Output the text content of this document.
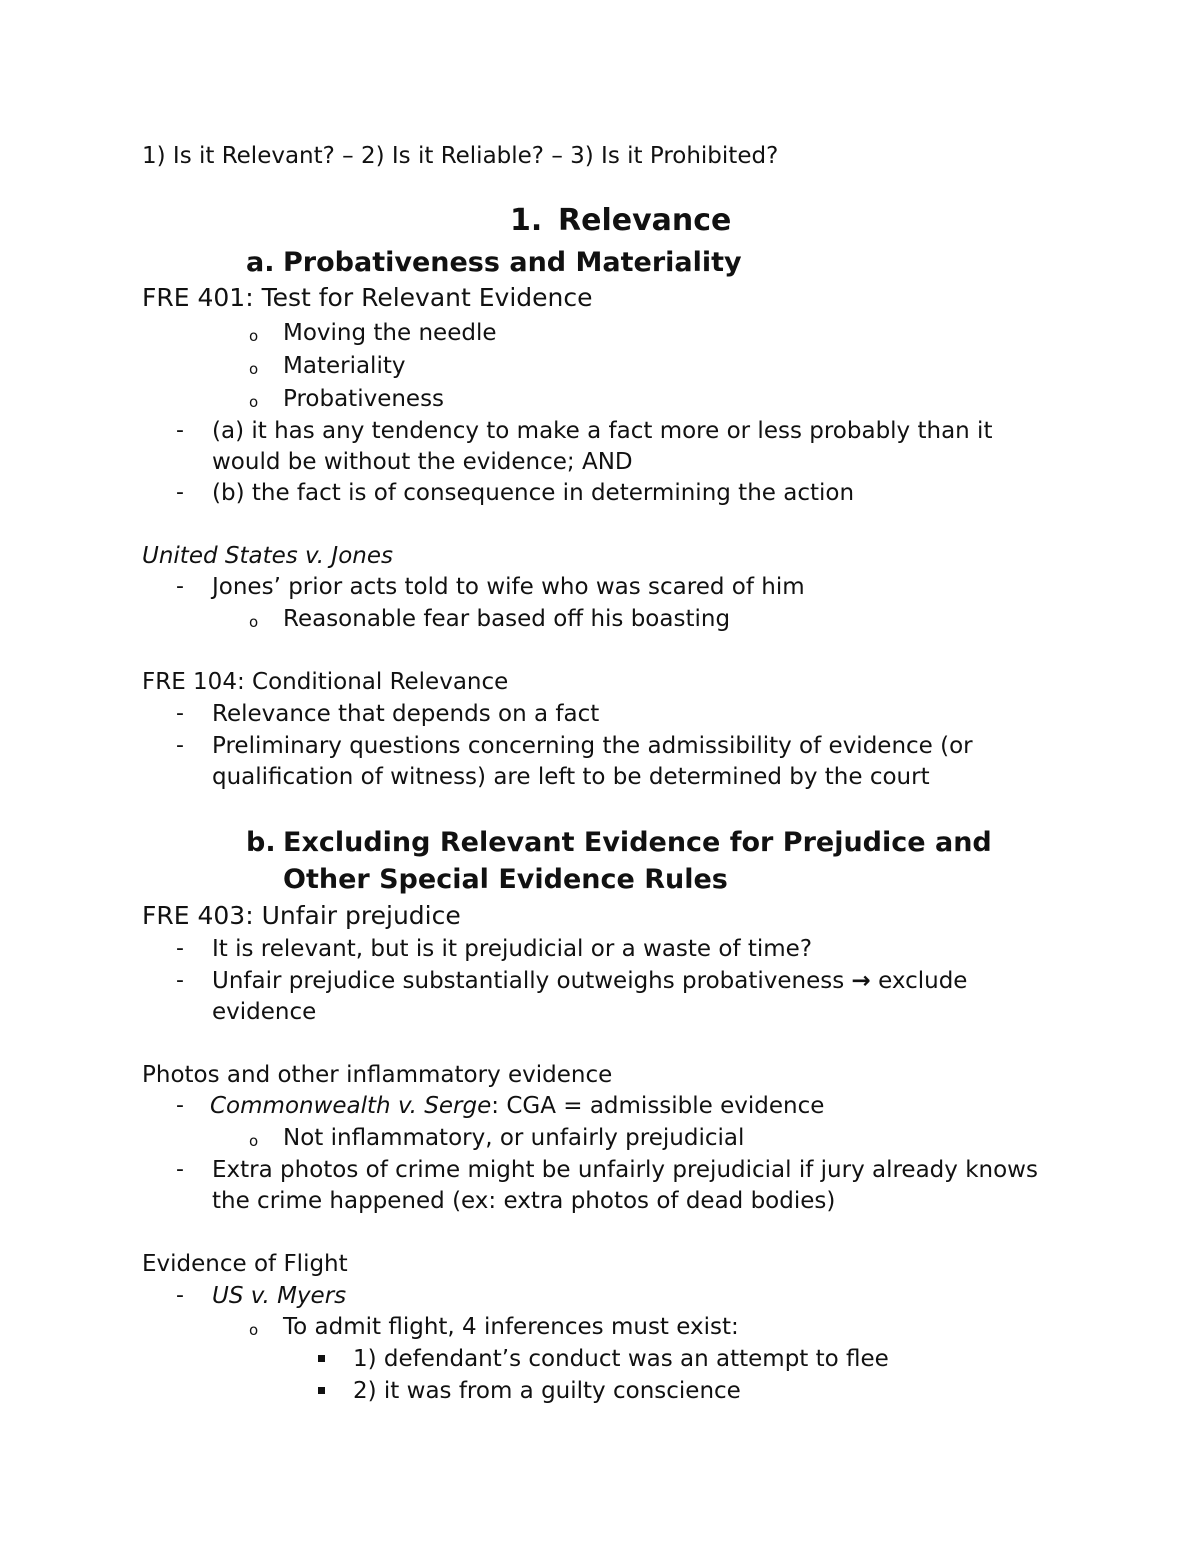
1) Is it Relevant? – 2) Is it Reliable? – 3) Is it Prohibited?
1. Relevance
a. Probativeness and Materiality
FRE 401: Test for Relevant Evidence
o Moving the needle
o Materiality
o Probativeness
- (a) it has any tendency to make a fact more or less probably than it
would be without the evidence; AND
- (b) the fact is of consequence in determining the action
United States v. Jones
- Jones’ prior acts told to wife who was scared of him
o Reasonable fear based off his boasting
FRE 104: Conditional Relevance
- Relevance that depends on a fact
- Preliminary questions concerning the admissibility of evidence (or
qualification of witness) are left to be determined by the court
b. Excluding Relevant Evidence for Prejudice and
Other Special Evidence Rules
FRE 403: Unfair prejudice
- It is relevant, but is it prejudicial or a waste of time?
- Unfair prejudice substantially outweighs probativeness → exclude
evidence
Photos and other inflammatory evidence
- Commonwealth v. Serge: CGA = admissible evidence
o Not inflammatory, or unfairly prejudicial
- Extra photos of crime might be unfairly prejudicial if jury already knows
the crime happened (ex: extra photos of dead bodies)
Evidence of Flight
- US v. Myers
o To admit flight, 4 inferences must exist:
1) defendant’s conduct was an attempt to flee
2) it was from a guilty conscience
